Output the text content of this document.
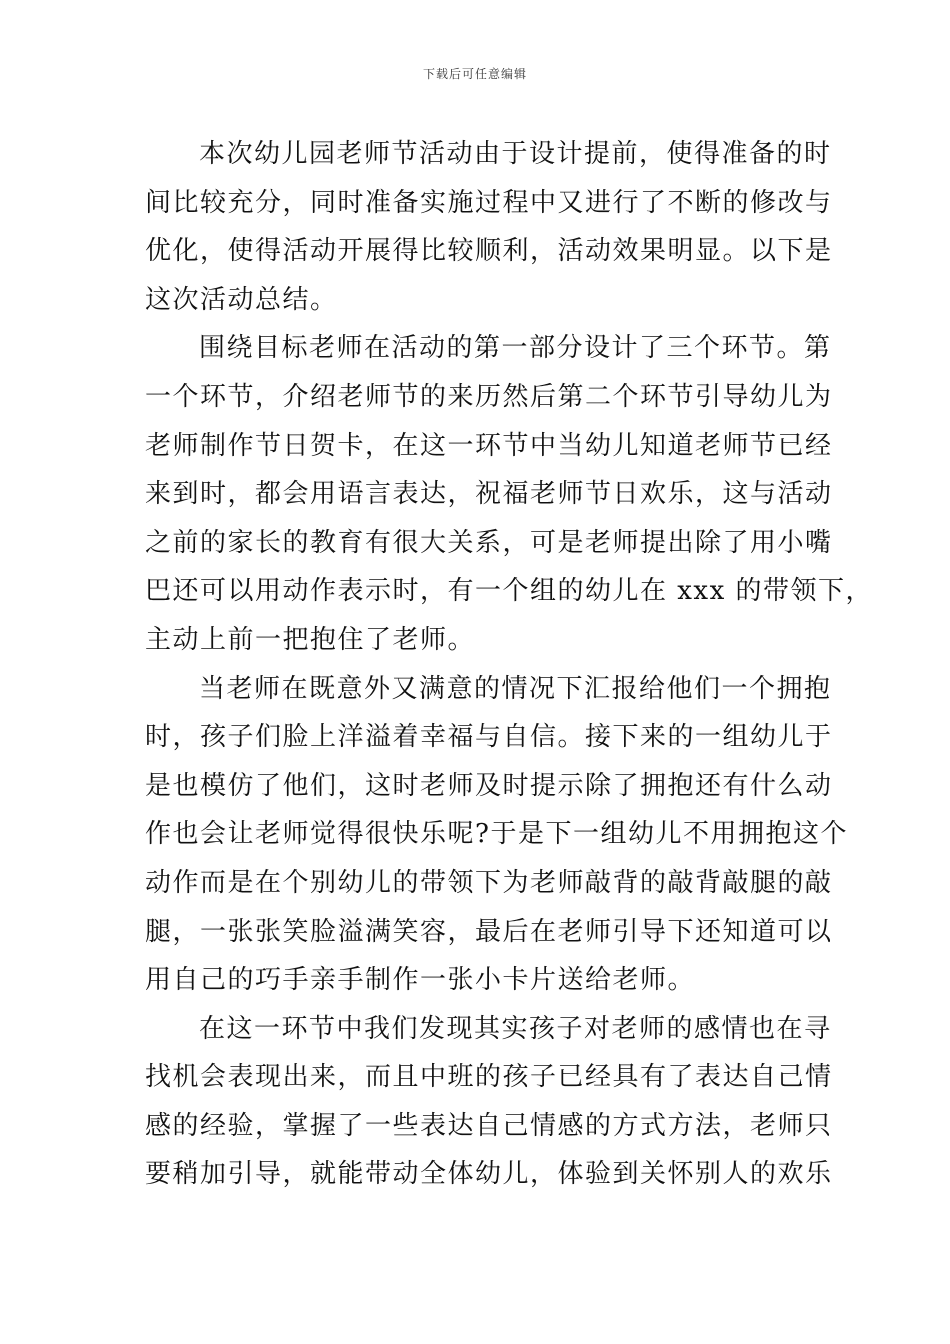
下载后可任意编辑

本次幼儿园老师节活动由于设计提前，使得准备的时
间比较充分，同时准备实施过程中又进行了不断的修改与
优化，使得活动开展得比较顺利，活动效果明显。以下是
这次活动总结。

围绕目标老师在活动的第一部分设计了三个环节。第
一个环节，介绍老师节的来历然后第二个环节引导幼儿为
老师制作节日贺卡，在这一环节中当幼儿知道老师节已经
来到时，都会用语言表达，祝福老师节日欢乐，这与活动
之前的家长的教育有很大关系，可是老师提出除了用小嘴
巴还可以用动作表示时，有一个组的幼儿在 xxx 的带领下，
主动上前一把抱住了老师。

当老师在既意外又满意的情况下汇报给他们一个拥抱
时，孩子们脸上洋溢着幸福与自信。接下来的一组幼儿于
是也模仿了他们，这时老师及时提示除了拥抱还有什么动
作也会让老师觉得很快乐呢?于是下一组幼儿不用拥抱这个
动作而是在个别幼儿的带领下为老师敲背的敲背敲腿的敲
腿，一张张笑脸溢满笑容，最后在老师引导下还知道可以
用自己的巧手亲手制作一张小卡片送给老师。

在这一环节中我们发现其实孩子对老师的感情也在寻
找机会表现出来，而且中班的孩子已经具有了表达自己情
感的经验，掌握了一些表达自己情感的方式方法，老师只
要稍加引导，就能带动全体幼儿，体验到关怀别人的欢乐
